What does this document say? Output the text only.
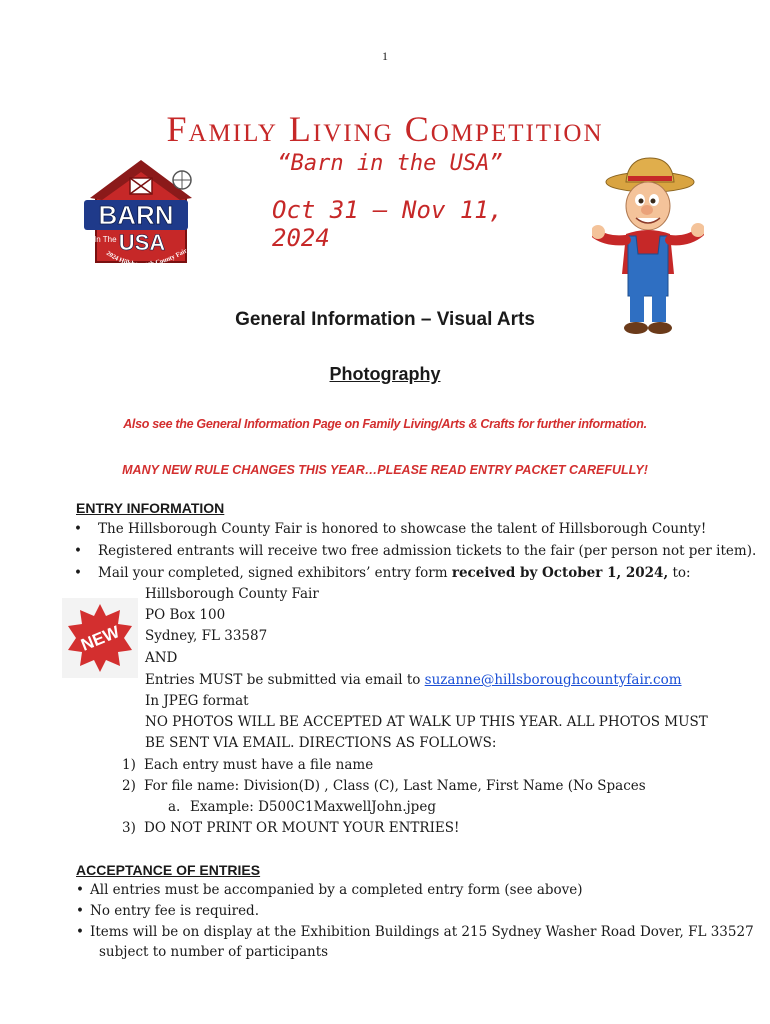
1
Family Living Competition
“Barn in the USA”
Oct 31 – Nov 11, 2024
BARN
In The USA
2024 Hillsborough County Fair
General Information – Visual Arts
Photography
Also see the General Information Page on Family Living/Arts & Crafts for further information.
MANY NEW RULE CHANGES THIS YEAR…PLEASE READ ENTRY PACKET CAREFULLY!
ENTRY INFORMATION
• The Hillsborough County Fair is honored to showcase the talent of Hillsborough County!
• Registered entrants will receive two free admission tickets to the fair (per person not per item).
• Mail your completed, signed exhibitors’ entry form received by October 1, 2024, to:
NEW
Hillsborough County Fair
PO Box 100
Sydney, FL 33587
AND
Entries MUST be submitted via email to suzanne@hillsboroughcountyfair.com
In JPEG format
NO PHOTOS WILL BE ACCEPTED AT WALK UP THIS YEAR. ALL PHOTOS MUST
BE SENT VIA EMAIL. DIRECTIONS AS FOLLOWS:
1) Each entry must have a file name
2) For file name: Division(D) , Class (C), Last Name, First Name (No Spaces
a. Example: D500C1MaxwellJohn.jpeg
3) DO NOT PRINT OR MOUNT YOUR ENTRIES!
ACCEPTANCE OF ENTRIES
• All entries must be accompanied by a completed entry form (see above)
• No entry fee is required.
• Items will be on display at the Exhibition Buildings at 215 Sydney Washer Road Dover, FL 33527
subject to number of participants
